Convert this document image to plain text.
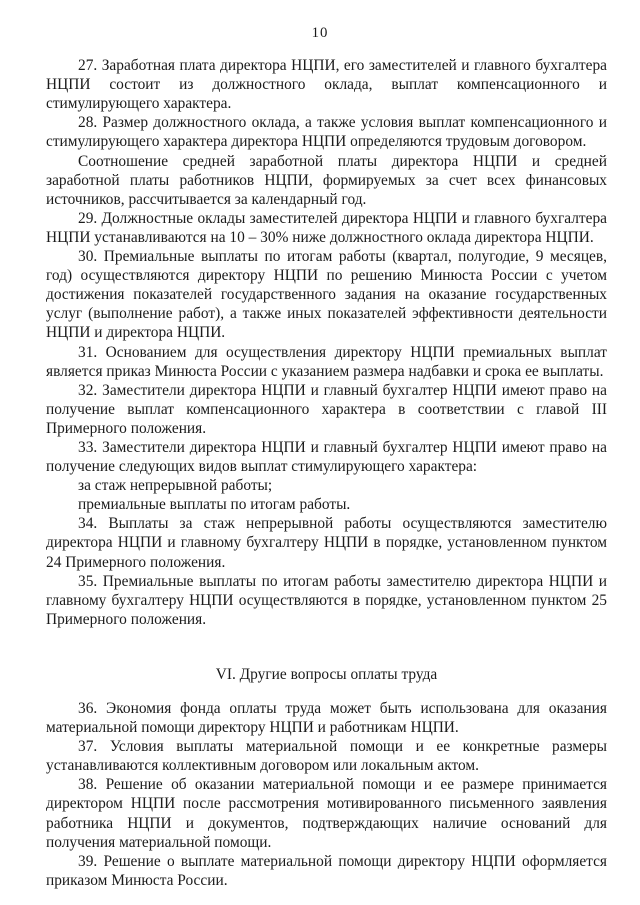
10

27. Заработная плата директора НЦПИ, его заместителей и главного бухгалтера НЦПИ состоит из должностного оклада, выплат компенсационного и стимулирующего характера.

28. Размер должностного оклада, а также условия выплат компенсационного и стимулирующего характера директора НЦПИ определяются трудовым договором.

Соотношение средней заработной платы директора НЦПИ и средней заработной платы работников НЦПИ, формируемых за счет всех финансовых источников, рассчитывается за календарный год.

29. Должностные оклады заместителей директора НЦПИ и главного бухгалтера НЦПИ устанавливаются на 10 – 30% ниже должностного оклада директора НЦПИ.

30. Премиальные выплаты по итогам работы (квартал, полугодие, 9 месяцев, год) осуществляются директору НЦПИ по решению Минюста России с учетом достижения показателей государственного задания на оказание государственных услуг (выполнение работ), а также иных показателей эффективности деятельности НЦПИ и директора НЦПИ.

31. Основанием для осуществления директору НЦПИ премиальных выплат является приказ Минюста России с указанием размера надбавки и срока ее выплаты.

32. Заместители директора НЦПИ и главный бухгалтер НЦПИ имеют право на получение выплат компенсационного характера в соответствии с главой III Примерного положения.

33. Заместители директора НЦПИ и главный бухгалтер НЦПИ имеют право на получение следующих видов выплат стимулирующего характера:

за стаж непрерывной работы;

премиальные выплаты по итогам работы.

34. Выплаты за стаж непрерывной работы осуществляются заместителю директора НЦПИ и главному бухгалтеру НЦПИ в порядке, установленном пунктом 24 Примерного положения.

35. Премиальные выплаты по итогам работы заместителю директора НЦПИ и главному бухгалтеру НЦПИ осуществляются в порядке, установленном пунктом 25 Примерного положения.

VI. Другие вопросы оплаты труда

36. Экономия фонда оплаты труда может быть использована для оказания материальной помощи директору НЦПИ и работникам НЦПИ.

37. Условия выплаты материальной помощи и ее конкретные размеры устанавливаются коллективным договором или локальным актом.

38. Решение об оказании материальной помощи и ее размере принимается директором НЦПИ после рассмотрения мотивированного письменного заявления работника НЦПИ и документов, подтверждающих наличие оснований для получения материальной помощи.

39. Решение о выплате материальной помощи директору НЦПИ оформляется приказом Минюста России.
